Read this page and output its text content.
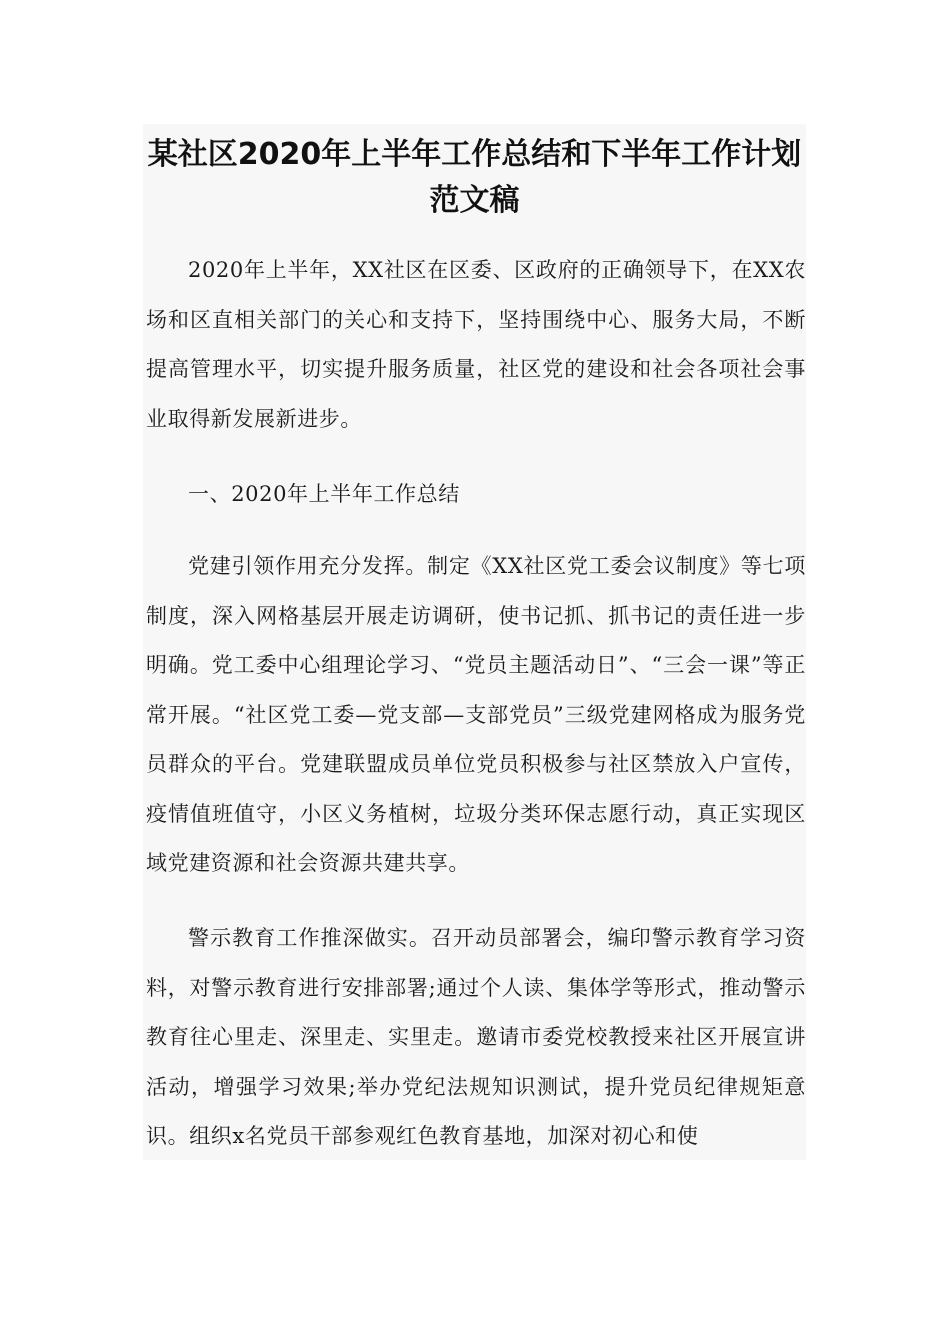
某社区2020年上半年工作总结和下半年工作计划范文稿

2020年上半年，XX社区在区委、区政府的正确领导下，在XX农场和区直相关部门的关心和支持下，坚持围绕中心、服务大局，不断提高管理水平，切实提升服务质量，社区党的建设和社会各项社会事业取得新发展新进步。

一、2020年上半年工作总结

党建引领作用充分发挥。制定《XX社区党工委会议制度》等七项制度，深入网格基层开展走访调研，使书记抓、抓书记的责任进一步明确。党工委中心组理论学习、“党员主题活动日”、“三会一课”等正常开展。“社区党工委—党支部—支部党员”三级党建网格成为服务党员群众的平台。党建联盟成员单位党员积极参与社区禁放入户宣传，疫情值班值守，小区义务植树，垃圾分类环保志愿行动，真正实现区域党建资源和社会资源共建共享。

警示教育工作推深做实。召开动员部署会，编印警示教育学习资料，对警示教育进行安排部署;通过个人读、集体学等形式，推动警示教育往心里走、深里走、实里走。邀请市委党校教授来社区开展宣讲活动，增强学习效果;举办党纪法规知识测试，提升党员纪律规矩意识。组织x名党员干部参观红色教育基地，加深对初心和使
